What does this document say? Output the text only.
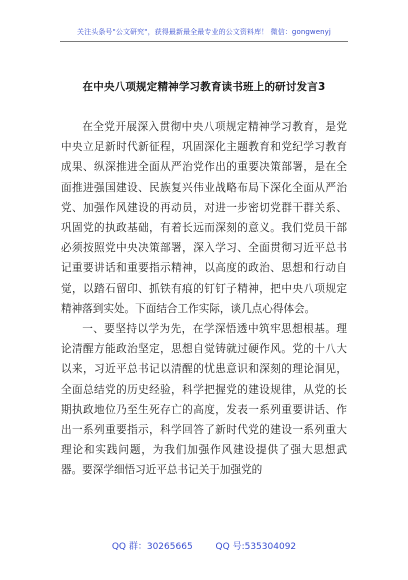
关注头条号"公文研究"，获得最新最全最专业的公文资料库！ 微信：gongwenyj
在中央八项规定精神学习教育读书班上的研讨发言3

在全党开展深入贯彻中央八项规定精神学习教育，是党中央立足新时代新征程，巩固深化主题教育和党纪学习教育成果、纵深推进全面从严治党作出的重要决策部署，是在全面推进强国建设、民族复兴伟业战略布局下深化全面从严治党、加强作风建设的再动员，对进一步密切党群干群关系、巩固党的执政基础，有着长远而深刻的意义。我们党员干部必须按照党中央决策部署，深入学习、全面贯彻习近平总书记重要讲话和重要指示精神，以高度的政治、思想和行动自觉，以踏石留印、抓铁有痕的钉钉子精神，把中央八项规定精神落到实处。下面结合工作实际，谈几点心得体会。

一、要坚持以学为先，在学深悟透中筑牢思想根基。理论清醒方能政治坚定，思想自觉铸就过硬作风。党的十八大以来，习近平总书记以清醒的忧患意识和深刻的理论洞见，全面总结党的历史经验，科学把握党的建设规律，从党的长期执政地位乃至生死存亡的高度，发表一系列重要讲话、作出一系列重要指示，科学回答了新时代党的建设一系列重大理论和实践问题，为我们加强作风建设提供了强大思想武器。要深学细悟习近平总书记关于加强党的

QQ 群：30265665	QQ 号:535304092
